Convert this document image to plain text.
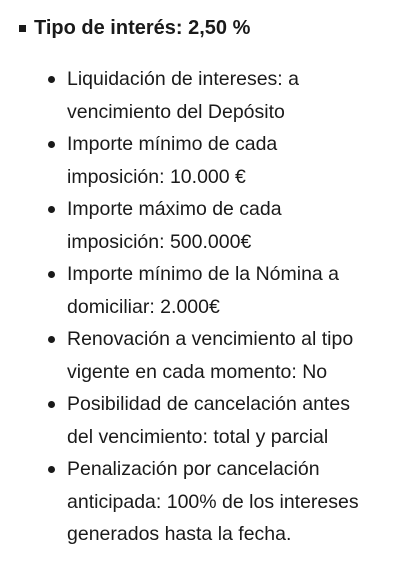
Tipo de interés: 2,50 %
Liquidación de intereses: a
vencimiento del Depósito
Importe mínimo de cada
imposición: 10.000 €
Importe máximo de cada
imposición: 500.000€
Importe mínimo de la Nómina a
domiciliar: 2.000€
Renovación a vencimiento al tipo
vigente en cada momento: No
Posibilidad de cancelación antes
del vencimiento: total y parcial
Penalización por cancelación
anticipada: 100% de los intereses
generados hasta la fecha.
